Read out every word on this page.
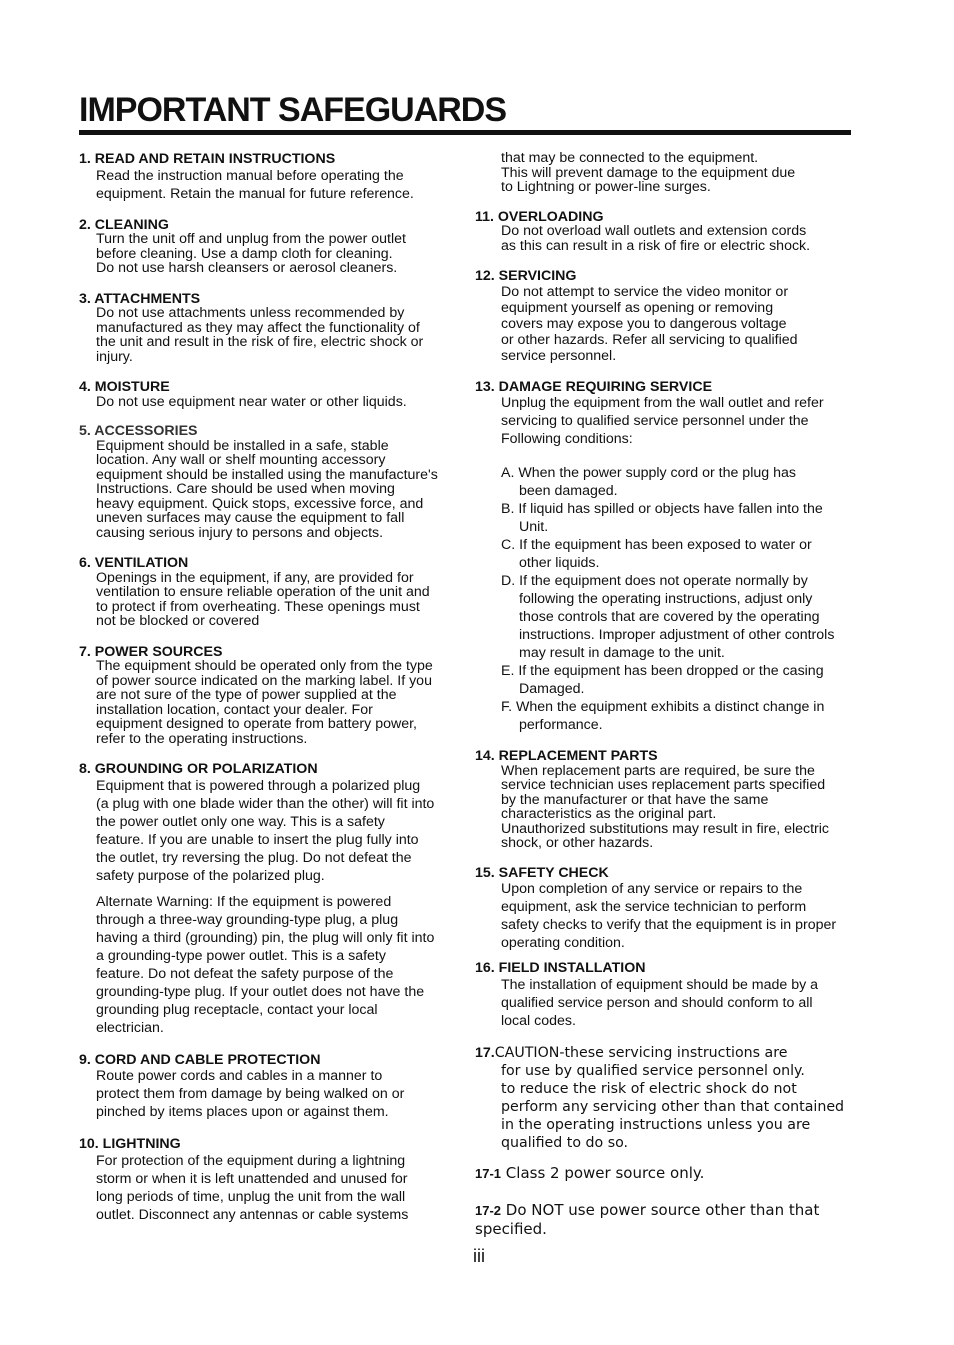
IMPORTANT SAFEGUARDS
1. READ AND RETAIN INSTRUCTIONS
Read the instruction manual before operating the
equipment. Retain the manual for future reference.
2. CLEANING
Turn the unit off and unplug from the power outlet
before cleaning. Use a damp cloth for cleaning.
Do not use harsh cleansers or aerosol cleaners.
3. ATTACHMENTS
Do not use attachments unless recommended by
manufactured as they may affect the functionality of
the unit and result in the risk of fire, electric shock or
injury.
4. MOISTURE
Do not use equipment near water or other liquids.
5. ACCESSORIES
Equipment should be installed in a safe, stable
location. Any wall or shelf mounting accessory
equipment should be installed using the manufacture's
Instructions. Care should be used when moving
heavy equipment. Quick stops, excessive force, and
uneven surfaces may cause the equipment to fall
causing serious injury to persons and objects.
6. VENTILATION
Openings in the equipment, if any, are provided for
ventilation to ensure reliable operation of the unit and
to protect if from overheating. These openings must
not be blocked or covered
7. POWER SOURCES
The equipment should be operated only from the type
of power source indicated on the marking label. If you
are not sure of the type of power supplied at the
installation location, contact your dealer. For
equipment designed to operate from battery power,
refer to the operating instructions.
8. GROUNDING OR POLARIZATION
Equipment that is powered through a polarized plug
(a plug with one blade wider than the other) will fit into
the power outlet only one way. This is a safety
feature. If you are unable to insert the plug fully into
the outlet, try reversing the plug. Do not defeat the
safety purpose of the polarized plug.
Alternate Warning: If the equipment is powered
through a three-way grounding-type plug, a plug
having a third (grounding) pin, the plug will only fit into
a grounding-type power outlet. This is a safety
feature. Do not defeat the safety purpose of the
grounding-type plug. If your outlet does not have the
grounding plug receptacle, contact your local
electrician.
9. CORD AND CABLE PROTECTION
Route power cords and cables in a manner to
protect them from damage by being walked on or
pinched by items places upon or against them.
10. LIGHTNING
For protection of the equipment during a lightning
storm or when it is left unattended and unused for
long periods of time, unplug the unit from the wall
outlet. Disconnect any antennas or cable systems
that may be connected to the equipment.
This will prevent damage to the equipment due
to Lightning or power-line surges.
11. OVERLOADING
Do not overload wall outlets and extension cords
as this can result in a risk of fire or electric shock.
12. SERVICING
Do not attempt to service the video monitor or
equipment yourself as opening or removing
covers may expose you to dangerous voltage
or other hazards. Refer all servicing to qualified
service personnel.
13. DAMAGE REQUIRING SERVICE
Unplug the equipment from the wall outlet and refer
servicing to qualified service personnel under the
Following conditions:
A. When the power supply cord or the plug has
been damaged.
B. If liquid has spilled or objects have fallen into the
Unit.
C. If the equipment has been exposed to water or
other liquids.
D. If the equipment does not operate normally by
following the operating instructions, adjust only
those controls that are covered by the operating
instructions. Improper adjustment of other controls
may result in damage to the unit.
E. If the equipment has been dropped or the casing
Damaged.
F. When the equipment exhibits a distinct change in
performance.
14. REPLACEMENT PARTS
When replacement parts are required, be sure the
service technician uses replacement parts specified
by the manufacturer or that have the same
characteristics as the original part.
Unauthorized substitutions may result in fire, electric
shock, or other hazards.
15. SAFETY CHECK
Upon completion of any service or repairs to the
equipment, ask the service technician to perform
safety checks to verify that the equipment is in proper
operating condition.
16. FIELD INSTALLATION
The installation of equipment should be made by a
qualified service person and should conform to all
local codes.
17.CAUTION-these servicing instructions are
for use by qualified service personnel only.
to reduce the risk of electric shock do not
perform any servicing other than that contained
in the operating instructions unless you are
qualified to do so.
17-1 Class 2 power source only.
17-2 Do NOT use power source other than that specified.
iii
